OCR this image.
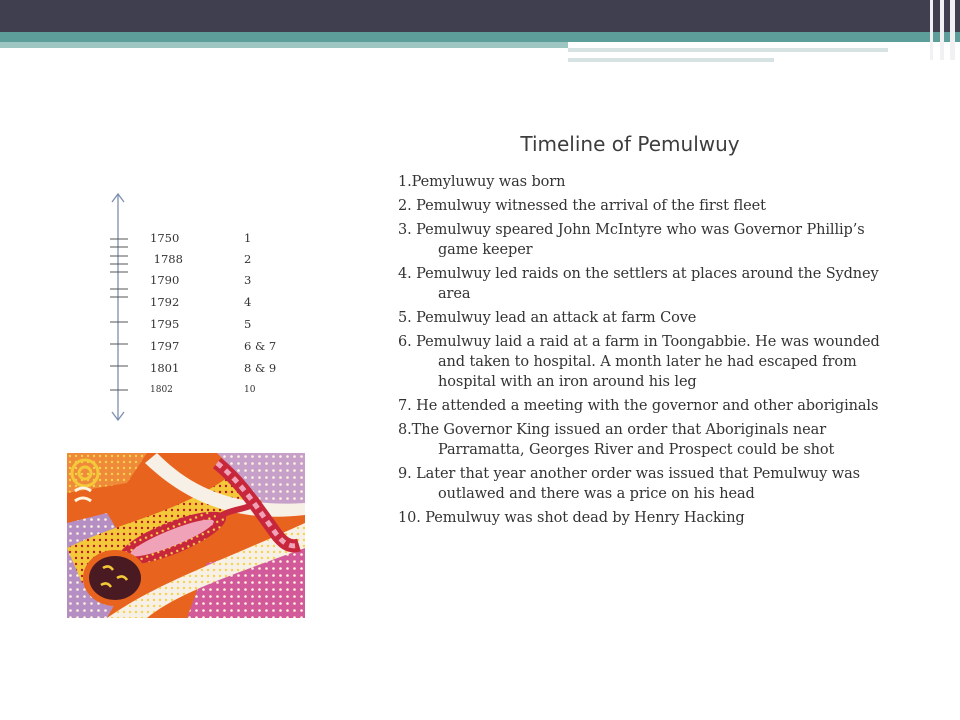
Timeline of Pemulwuy
1.Pemyluwuy was born
2. Pemulwuy witnessed the arrival of the first fleet
3. Pemulwuy speared John McIntyre who was Governor Phillip’s game keeper
4. Pemulwuy led raids on the settlers at places around the Sydney area
5. Pemulwuy lead an attack at farm Cove
6. Pemulwuy laid a raid at a farm in Toongabbie. He was wounded and taken to hospital. A month later he had escaped from hospital with an iron around his leg
7. He attended a meeting with the governor and other aboriginals
8.The Governor King issued an order that Aboriginals near Parramatta, Georges River and Prospect could be shot
9. Later that year another order was issued that Pemulwuy was outlawed and there was a price on his head
10. Pemulwuy was shot dead by Henry Hacking
1750	1
1788	2
1790	3
1792	4
1795	5
1797	6 & 7
1801	8 & 9
1802	10
